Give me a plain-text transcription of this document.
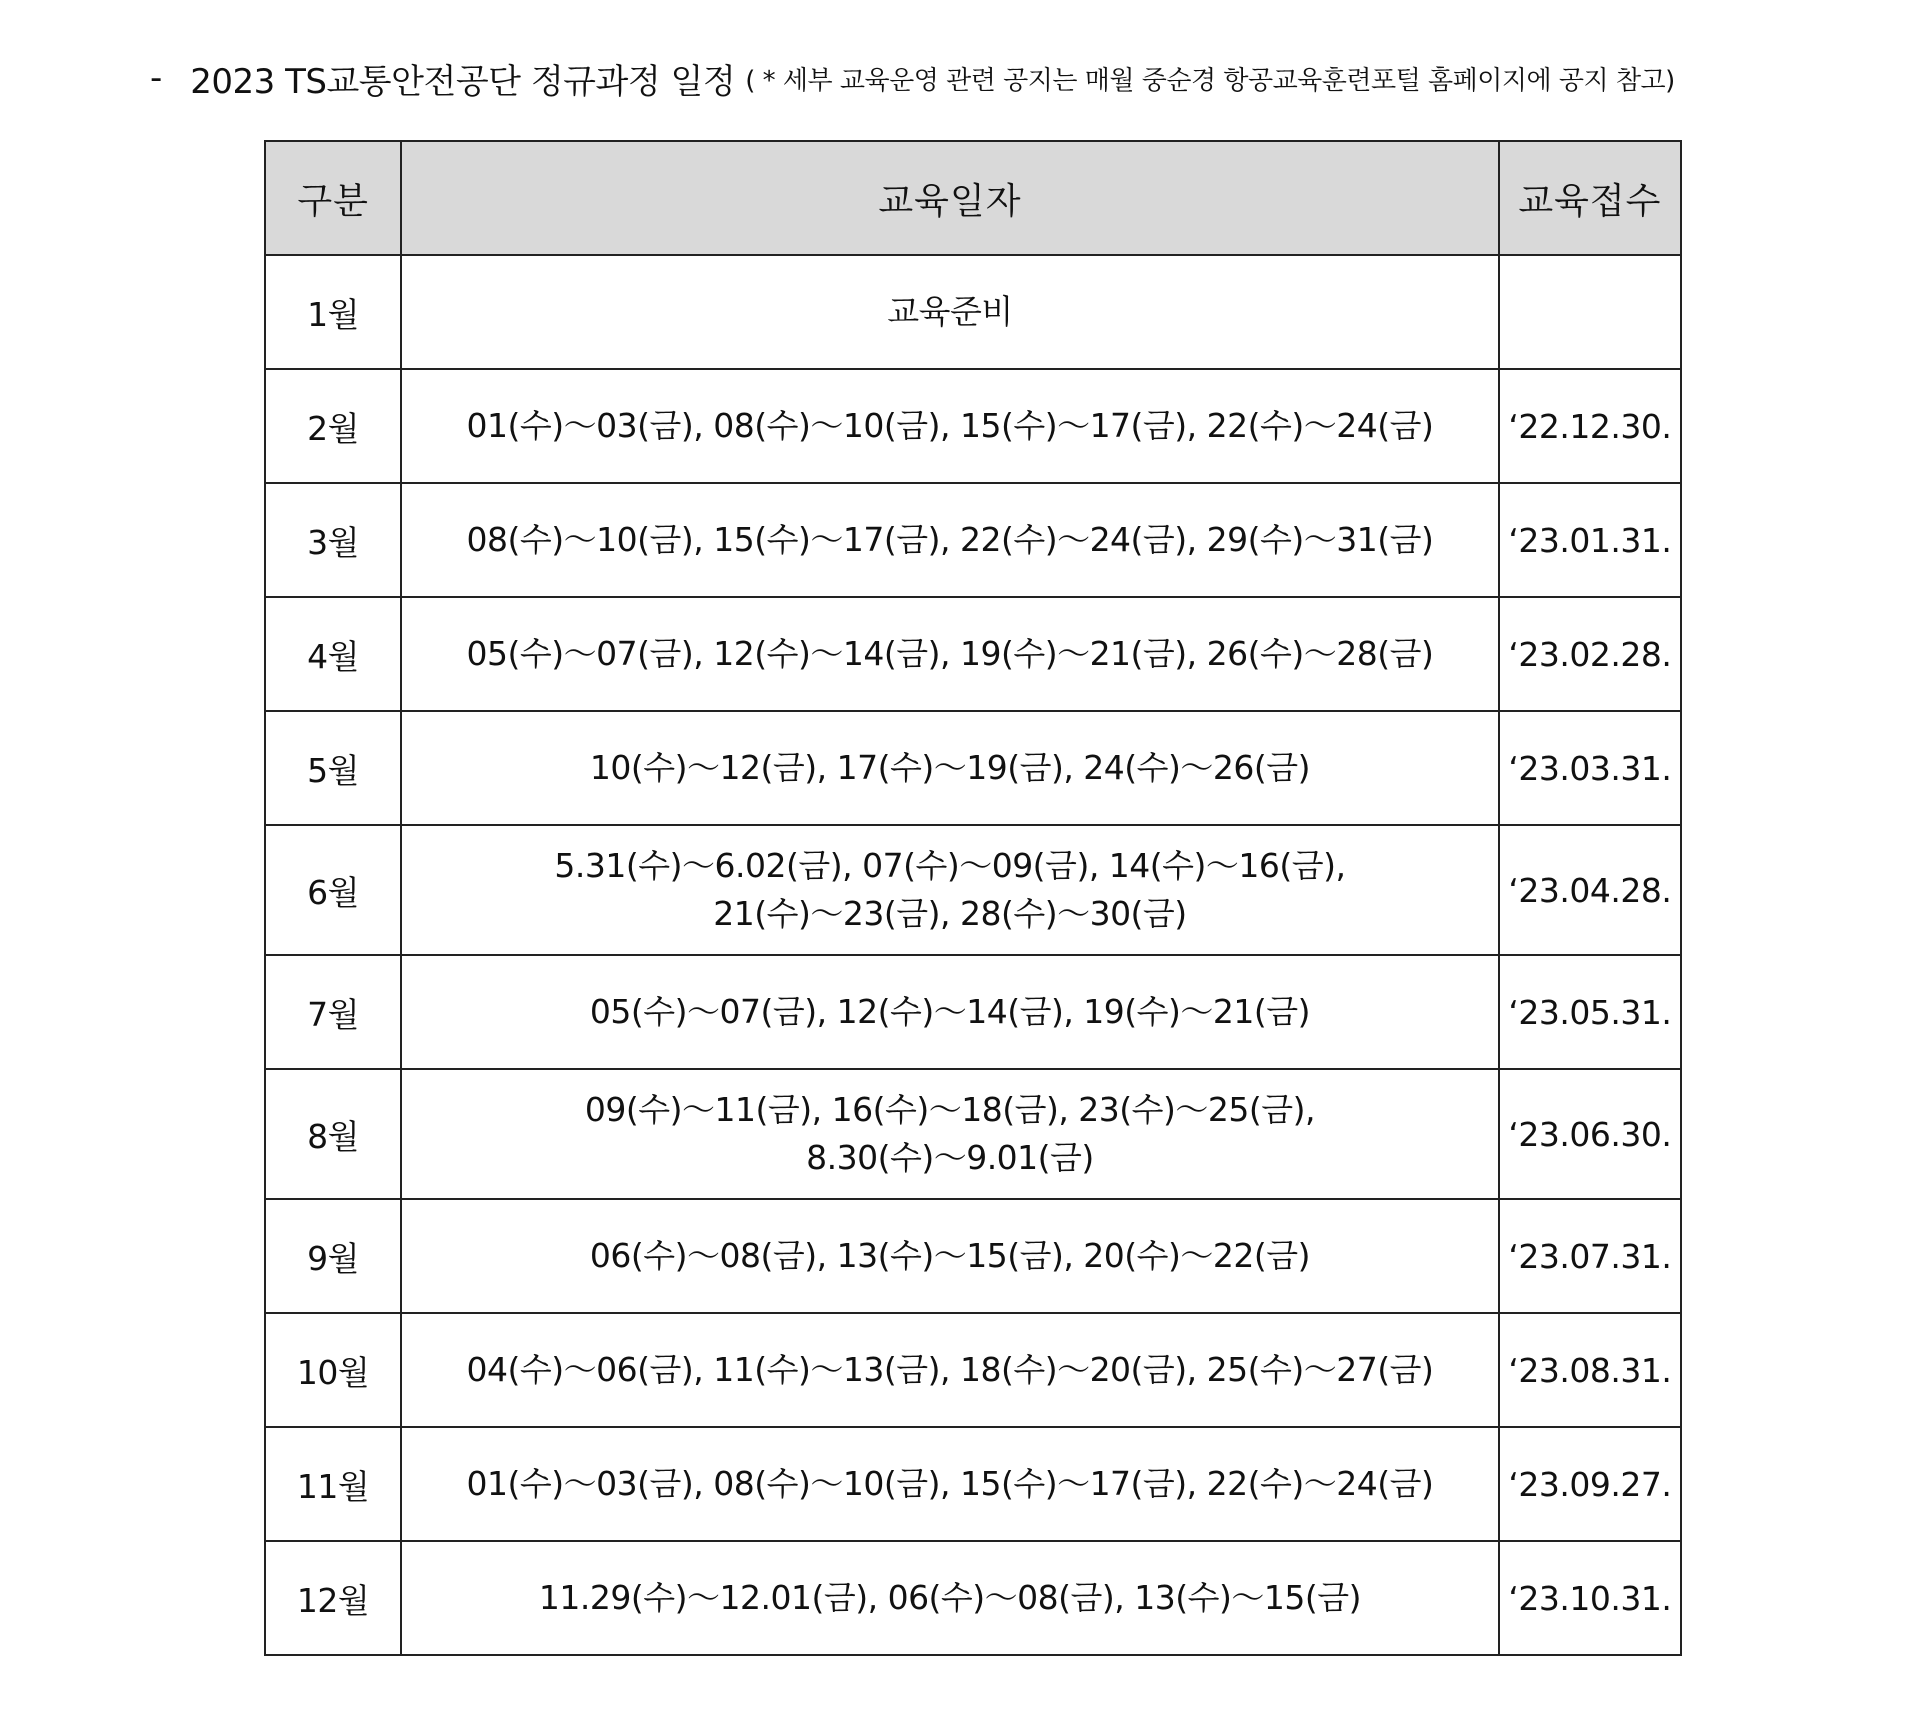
- 2023 TS교통안전공단 정규과정 일정 ( * 세부 교육운영 관련 공지는 매월 중순경 항공교육훈련포털 홈페이지에 공지 참고)
구분	교육일자	교육접수
1월	교육준비	

2월	01(수)～03(금), 08(수)～10(금), 15(수)～17(금), 22(수)～24(금)	‘22.12.30.
3월	08(수)～10(금), 15(수)～17(금), 22(수)～24(금), 29(수)～31(금)	‘23.01.31.
4월	05(수)～07(금), 12(수)～14(금), 19(수)～21(금), 26(수)～28(금)	‘23.02.28.
5월	10(수)～12(금), 17(수)～19(금), 24(수)～26(금)	‘23.03.31.
6월	5.31(수)～6.02(금), 07(수)～09(금), 14(수)～16(금),
21(수)～23(금), 28(수)～30(금)	‘23.04.28.
7월	05(수)～07(금), 12(수)～14(금), 19(수)～21(금)	‘23.05.31.
8월	09(수)～11(금), 16(수)～18(금), 23(수)～25(금),
8.30(수)～9.01(금)	‘23.06.30.
9월	06(수)～08(금), 13(수)～15(금), 20(수)～22(금)	‘23.07.31.
10월	04(수)～06(금), 11(수)～13(금), 18(수)～20(금), 25(수)～27(금)	‘23.08.31.
11월	01(수)～03(금), 08(수)～10(금), 15(수)～17(금), 22(수)～24(금)	‘23.09.27.
12월	11.29(수)～12.01(금), 06(수)～08(금), 13(수)～15(금)	‘23.10.31.
